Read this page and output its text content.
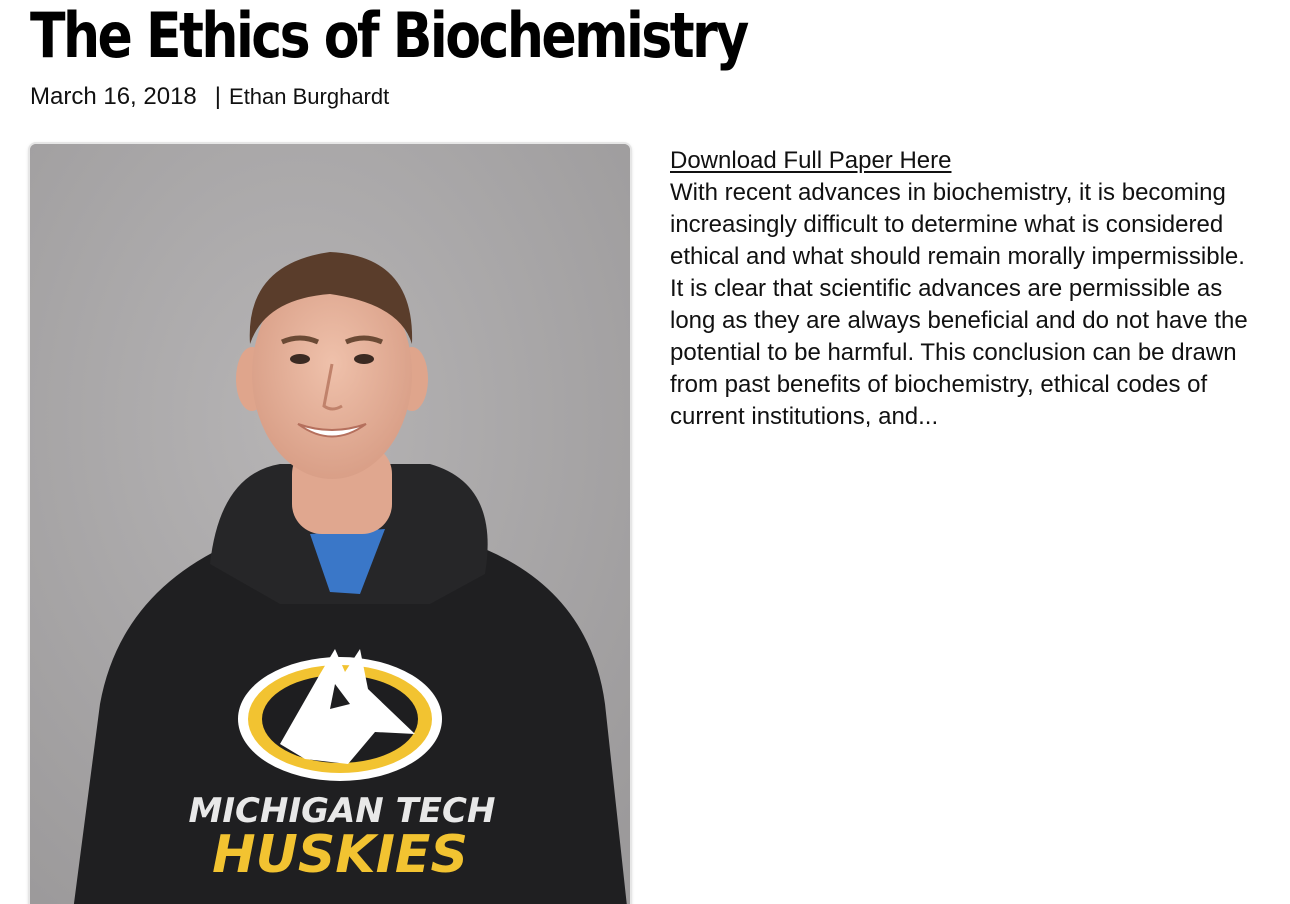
The Ethics of Biochemistry
March 16, 2018 | Ethan Burghardt
MICHIGAN TECH
HUSKIES
Download Full Paper Here

With recent advances in biochemistry, it is becoming increasingly difficult to determine what is considered ethical and what should remain morally impermissible. It is clear that scientific advances are permissible as long as they are always beneficial and do not have the potential to be harmful. This conclusion can be drawn from past benefits of biochemistry, ethical codes of current institutions, and...
